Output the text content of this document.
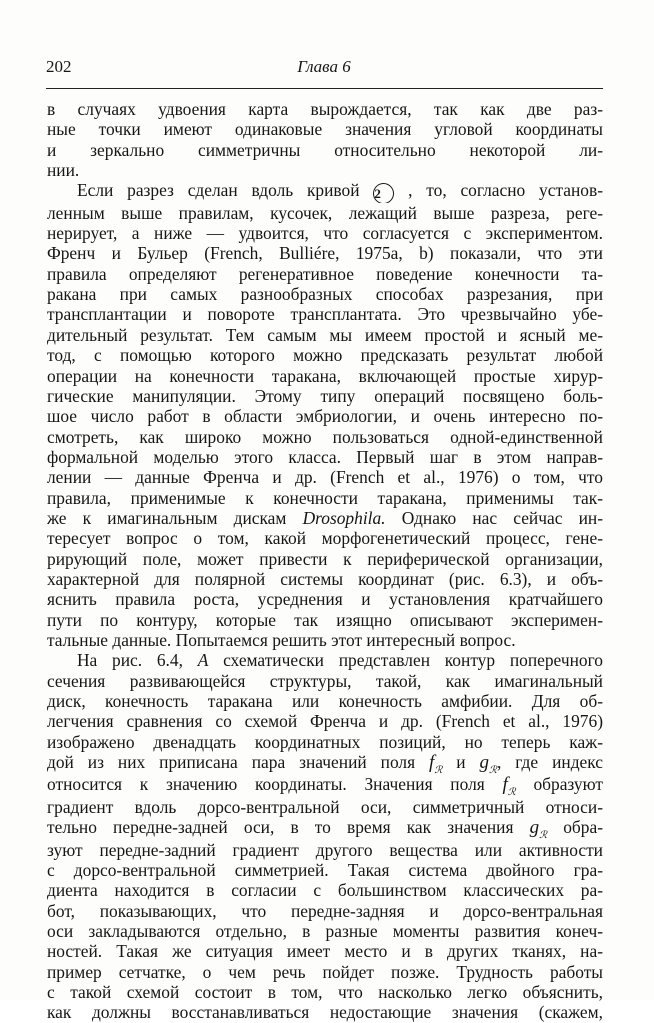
202	Глава 6
в случаях удвоения карта вырождается, так как две раз-
ные точки имеют одинаковые значения угловой координаты
и зеркально симметричны относительно некоторой ли-
нии.
Если разрез сделан вдоль кривой 2 , то, согласно установ-
ленным выше правилам, кусочек, лежащий выше разреза, реге-
нерирует, а ниже — удвоится, что согласуется с экспериментом.
Френч и Бульер (French, Bulliére, 1975a, b) показали, что эти
правила определяют регенеративное поведение конечности та-
ракана при самых разнообразных способах разрезания, при
трансплантации и повороте трансплантата. Это чрезвычайно убе-
дительный результат. Тем самым мы имеем простой и ясный ме-
тод, с помощью которого можно предсказать результат любой
операции на конечности таракана, включающей простые хирур-
гические манипуляции. Этому типу операций посвящено боль-
шое число работ в области эмбриологии, и очень интересно по-
смотреть, как широко можно пользоваться одной-единственной
формальной моделью этого класса. Первый шаг в этом направ-
лении — данные Френча и др. (French et al., 1976) о том, что
правила, применимые к конечности таракана, применимы так-
же к имагинальным дискам Drosophila. Однако нас сейчас ин-
тересует вопрос о том, какой морфогенетический процесс, гене-
рирующий поле, может привести к периферической организации,
характерной для полярной системы координат (рис. 6.3), и объ-
яснить правила роста, усреднения и установления кратчайшего
пути по контуру, которые так изящно описывают эксперимен-
тальные данные. Попытаемся решить этот интересный вопрос.
На рис. 6.4, А схематически представлен контур поперечного
сечения развивающейся структуры, такой, как имагинальный
диск, конечность таракана или конечность амфибии. Для об-
легчения сравнения со схемой Френча и др. (French et al., 1976)
изображено двенадцать координатных позиций, но теперь каж-
дой из них приписана пара значений поля $f_ℛ$ и $g_ℛ$, где индекс
относится к значению координаты. Значения поля $f_ℛ$ образуют
градиент вдоль дорсо-вентральной оси, симметричный относи-
тельно передне-задней оси, в то время как значения $g_ℛ$ обра-
зуют передне-задний градиент другого вещества или активности
с дорсо-вентральной симметрией. Такая система двойного гра-
диента находится в согласии с большинством классических ра-
бот, показывающих, что передне-задняя и дорсо-вентральная
оси закладываются отдельно, в разные моменты развития конеч-
ностей. Такая же ситуация имеет место и в других тканях, на-
пример сетчатке, о чем речь пойдет позже. Трудность работы
с такой схемой состоит в том, что насколько легко объяснить,
как должны восстанавливаться недостающие значения (скажем,
